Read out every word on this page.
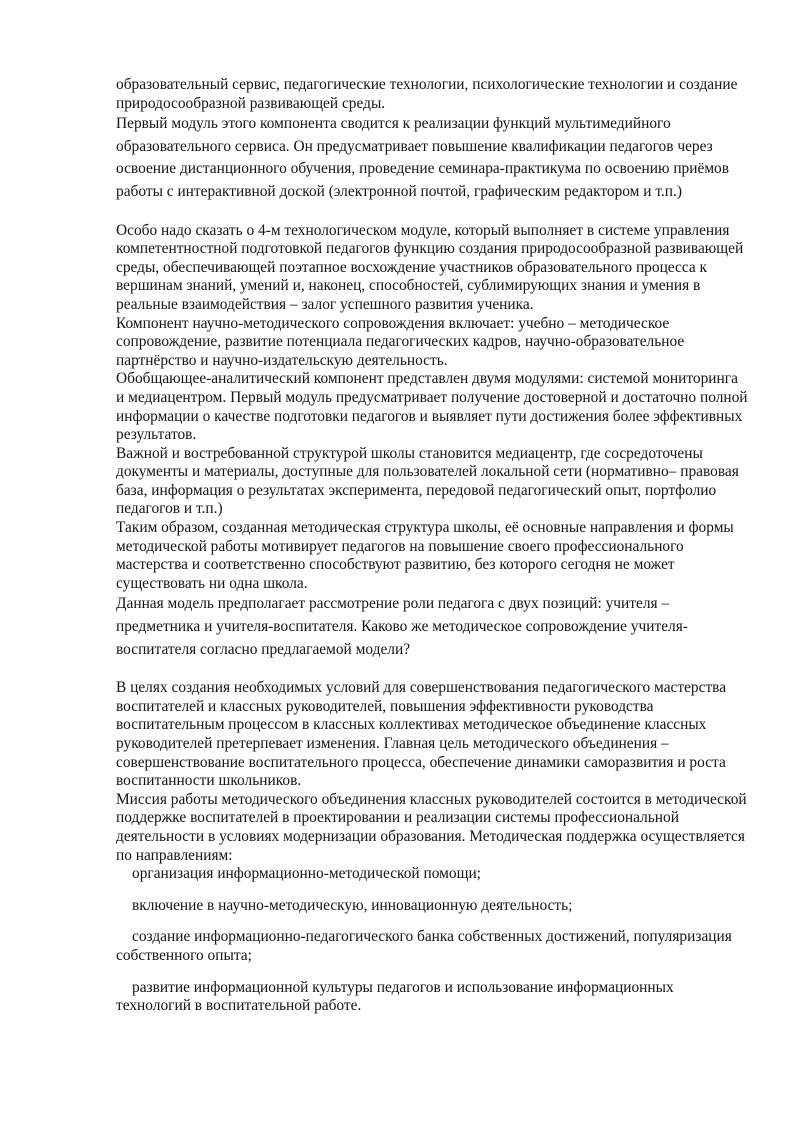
образовательный сервис, педагогические технологии, психологические технологии и создание природосообразной развивающей среды.

Первый модуль этого компонента сводится к реализации функций мультимедийного образовательного сервиса. Он предусматривает повышение квалификации педагогов через освоение дистанционного обучения, проведение семинара-практикума по освоению приёмов работы с интерактивной доской (электронной почтой, графическим редактором и т.п.)

Особо надо сказать о 4-м технологическом модуле, который выполняет в системе управления компетентностной подготовкой педагогов функцию создания природосообразной развивающей среды, обеспечивающей поэтапное восхождение участников образовательного процесса к вершинам знаний, умений и, наконец, способностей, сублимирующих знания и умения в реальные взаимодействия – залог успешного развития ученика.

Компонент научно-методического сопровождения включает: учебно – методическое сопровождение, развитие потенциала педагогических кадров, научно-образовательное партнёрство и научно-издательскую деятельность.

Обобщающее-аналитический компонент представлен двумя модулями: системой мониторинга и медиацентром. Первый модуль предусматривает получение достоверной и достаточно полной информации о качестве подготовки педагогов и выявляет пути достижения более эффективных результатов.

Важной и востребованной структурой школы становится медиацентр, где сосредоточены документы и материалы, доступные для пользователей локальной сети (нормативно– правовая база, информация о результатах эксперимента, передовой педагогический опыт, портфолио педагогов и т.п.)

Таким образом, созданная методическая структура школы, её основные направления и формы методической работы мотивирует педагогов на повышение своего профессионального мастерства и соответственно способствуют развитию, без которого сегодня не может существовать ни одна школа.

Данная модель предполагает рассмотрение роли педагога с двух позиций: учителя – предметника и учителя-воспитателя. Каково же методическое сопровождение учителя-воспитателя согласно предлагаемой модели?

В целях создания необходимых условий для совершенствования педагогического мастерства воспитателей и классных руководителей, повышения эффективности руководства воспитательным процессом в классных коллективах методическое объединение классных руководителей претерпевает изменения. Главная цель методического объединения – совершенствование воспитательного процесса, обеспечение динамики саморазвития и роста воспитанности школьников.

Миссия работы методического объединения классных руководителей состоится в методической поддержке воспитателей в проектировании и реализации системы профессиональной деятельности в условиях модернизации образования. Методическая поддержка осуществляется по направлениям:

организация информационно-методической помощи;

включение в научно-методическую, инновационную деятельность;

создание информационно-педагогического банка собственных достижений, популяризация собственного опыта;

развитие информационной культуры педагогов и использование информационных технологий в воспитательной работе.
